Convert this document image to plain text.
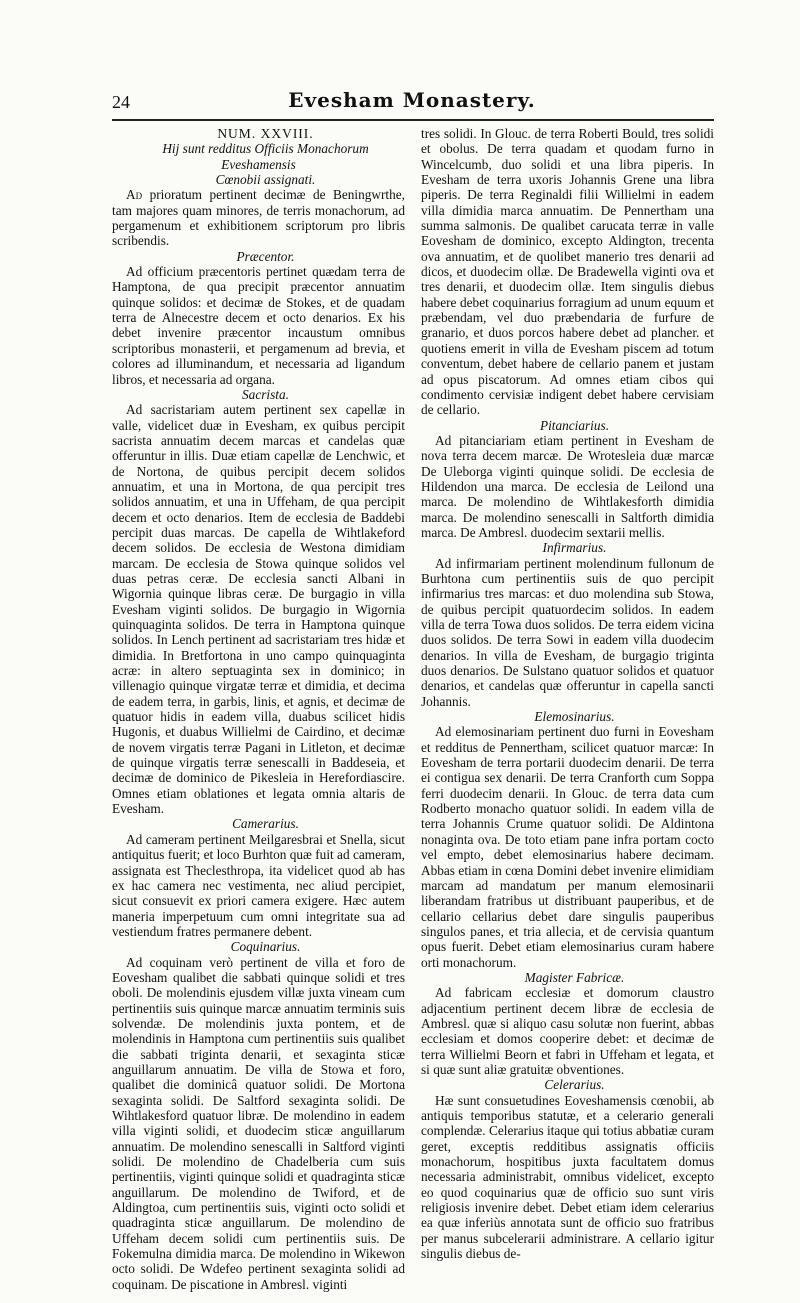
24	Evesham Monastery.

NUM. XXVIII.

Hij sunt redditus Officiis Monachorum Eveshamensis

Cœnobii assignati.

Ad prioratum pertinent decimæ de Beningwrthe, tam majores quam minores, de terris monachorum, ad pergamenum et exhibitionem scriptorum pro libris scribendis.

Præcentor.

Ad officium præcentoris pertinet quædam terra de Hamptona, de qua precipit præcentor annuatim quinque solidos: et decimæ de Stokes, et de quadam terra de Alnecestre decem et octo denarios. Ex his debet invenire præcentor incaustum omnibus scriptoribus monasterii, et pergamenum ad brevia, et colores ad illuminandum, et necessaria ad ligandum libros, et necessaria ad organa.

Sacrista.

Ad sacristariam autem pertinent sex capellæ in valle, videlicet duæ in Evesham, ex quibus percipit sacrista annuatim decem marcas et candelas quæ offeruntur in illis. Duæ etiam capellæ de Lenchwic, et de Nortona, de quibus percipit decem solidos annuatim, et una in Mortona, de qua percipit tres solidos annuatim, et una in Uffeham, de qua percipit decem et octo denarios. Item de ecclesia de Baddebi percipit duas marcas. De capella de Wihtlakeford decem solidos. De ecclesia de Westona dimidiam marcam. De ecclesia de Stowa quinque solidos vel duas petras ceræ. De ecclesia sancti Albani in Wigornia quinque libras ceræ. De burgagio in villa Evesham viginti solidos. De burgagio in Wigornia quinquaginta solidos. De terra in Hamptona quinque solidos. In Lench pertinent ad sacristariam tres hidæ et dimidia. In Bretfortona in uno campo quinquaginta acræ: in altero septuaginta sex in dominico; in villenagio quinque virgatæ terræ et dimidia, et decima de eadem terra, in garbis, linis, et agnis, et decimæ de quatuor hidis in eadem villa, duabus scilicet hidis Hugonis, et duabus Willielmi de Cairdino, et decimæ de novem virgatis terræ Pagani in Litleton, et decimæ de quinque virgatis terræ senescalli in Baddeseia, et decimæ de dominico de Pikesleia in Herefordiascire. Omnes etiam oblationes et legata omnia altaris de Evesham.

Camerarius.

Ad cameram pertinent Meilgaresbrai et Snella, sicut antiquitus fuerit; et loco Burhton quæ fuit ad cameram, assignata est Theclesthropa, ita videlicet quod ab has ex hac camera nec vestimenta, nec aliud percipiet, sicut consuevit ex priori camera exigere. Hæc autem maneria imperpetuum cum omni integritate sua ad vestiendum fratres permanere debent.

Coquinarius.

Ad coquinam verò pertinent de villa et foro de Eovesham qualibet die sabbati quinque solidi et tres oboli. De molendinis ejusdem villæ juxta vineam cum pertinentiis suis quinque marcæ annuatim terminis suis solvendæ. De molendinis juxta pontem, et de molendinis in Hamptona cum pertinentiis suis qualibet die sabbati triginta denarii, et sexaginta sticæ anguillarum annuatim. De villa de Stowa et foro, qualibet die dominicâ quatuor solidi. De Mortona sexaginta solidi. De Saltford sexaginta solidi. De Wihtlakesford quatuor libræ. De molendino in eadem villa viginti solidi, et duodecim sticæ anguillarum annuatim. De molendino senescalli in Saltford viginti solidi. De molendino de Chadelberia cum suis pertinentiis, viginti quinque solidi et quadraginta sticæ anguillarum. De molendino de Twiford, et de Aldingtoa, cum pertinentiis suis, viginti octo solidi et quadraginta sticæ anguillarum. De molendino de Uffeham decem solidi cum pertinentiis suis. De Fokemulna dimidia marca. De molendino in Wikewon octo solidi. De Wdefeo pertinent sexaginta solidi ad coquinam. De piscatione in Ambresl. viginti

tres solidi. In Glouc. de terra Roberti Bould, tres solidi et obolus. De terra quadam et quodam furno in Wincelcumb, duo solidi et una libra piperis. In Evesham de terra uxoris Johannis Grene una libra piperis. De terra Reginaldi filii Willielmi in eadem villa dimidia marca annuatim. De Pennertham una summa salmonis. De qualibet carucata terræ in valle Eovesham de dominico, excepto Aldington, trecenta ova annuatim, et de quolibet manerio tres denarii ad dicos, et duodecim ollæ. De Bradewella viginti ova et tres denarii, et duodecim ollæ. Item singulis diebus habere debet coquinarius forragium ad unum equum et præbendam, vel duo præbendaria de furfure de granario, et duos porcos habere debet ad plancher. et quotiens emerit in villa de Evesham piscem ad totum conventum, debet habere de cellario panem et justam ad opus piscatorum. Ad omnes etiam cibos qui condimento cervisiæ indigent debet habere cervisiam de cellario.

Pitanciarius.

Ad pitanciariam etiam pertinent in Evesham de nova terra decem marcæ. De Wrotesleia duæ marcæ De Uleborga viginti quinque solidi. De ecclesia de Hildendon una marca. De ecclesia de Leilond una marca. De molendino de Wihtlakesforth dimidia marca. De molendino senescalli in Saltforth dimidia marca. De Ambresl. duodecim sextarii mellis.

Infirmarius.

Ad infirmariam pertinent molendinum fullonum de Burhtona cum pertinentiis suis de quo percipit infirmarius tres marcas: et duo molendina sub Stowa, de quibus percipit quatuordecim solidos. In eadem villa de terra Towa duos solidos. De terra eidem vicina duos solidos. De terra Sowi in eadem villa duodecim denarios. In villa de Evesham, de burgagio triginta duos denarios. De Sulstano quatuor solidos et quatuor denarios, et candelas quæ offeruntur in capella sancti Johannis.

Elemosinarius.

Ad elemosinariam pertinent duo furni in Eovesham et redditus de Pennertham, scilicet quatuor marcæ: In Eovesham de terra portarii duodecim denarii. De terra ei contigua sex denarii. De terra Cranforth cum Soppa ferri duodecim denarii. In Glouc. de terra data cum Rodberto monacho quatuor solidi. In eadem villa de terra Johannis Crume quatuor solidi. De Aldintona nonaginta ova. De toto etiam pane infra portam cocto vel empto, debet elemosinarius habere decimam. Abbas etiam in cœna Domini debet invenire elimidiam marcam ad mandatum per manum elemosinarii liberandam fratribus ut distribuant pauperibus, et de cellario cellarius debet dare singulis pauperibus singulos panes, et tria allecia, et de cervisia quantum opus fuerit. Debet etiam elemosinarius curam habere orti monachorum.

Magister Fabricæ.

Ad fabricam ecclesiæ et domorum claustro adjacentium pertinent decem libræ de ecclesia de Ambresl. quæ si aliquo casu solutæ non fuerint, abbas ecclesiam et domos cooperire debet: et decimæ de terra Willielmi Beorn et fabri in Uffeham et legata, et si quæ sunt aliæ gratuitæ obventiones.

Celerarius.

Hæ sunt consuetudines Eoveshamensis cœnobii, ab antiquis temporibus statutæ, et a celerario generali complendæ. Celerarius itaque qui totius abbatiæ curam geret, exceptis redditibus assignatis officiis monachorum, hospitibus juxta facultatem domus necessaria administrabit, omnibus videlicet, excepto eo quod coquinarius quæ de officio suo sunt viris religiosis invenire debet. Debet etiam idem celerarius ea quæ inferiùs annotata sunt de officio suo fratribus per manus subcelerarii administrare. A cellario igitur singulis diebus de-
